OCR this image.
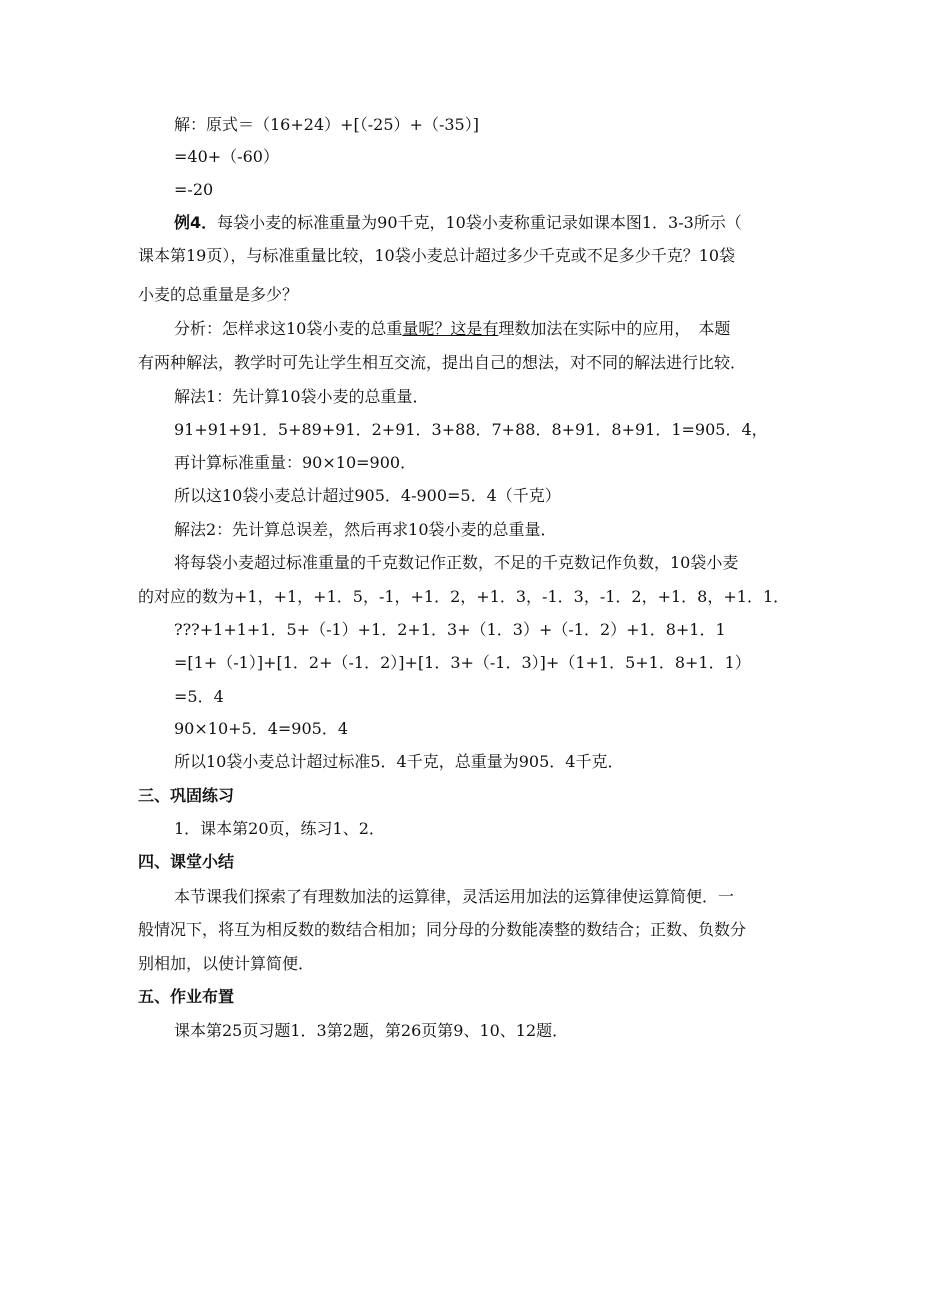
解：原式＝（16+24）+[（-25）+（-35）]
=40+（-60）
=-20
例4．每袋小麦的标准重量为90千克，10袋小麦称重记录如课本图1．3-3所示（
课本第19页），与标准重量比较，10袋小麦总计超过多少千克或不足多少千克？10袋
小麦的总重量是多少？
分析：怎样求这10袋小麦的总重量呢？这是有理数加法在实际中的应用，　本题
有两种解法，教学时可先让学生相互交流，提出自己的想法，对不同的解法进行比较．
解法1：先计算10袋小麦的总重量．
91+91+91．5+89+91．2+91．3+88．7+88．8+91．8+91．1=905．4，
再计算标准重量：90×10=900．
所以这10袋小麦总计超过905．4-900=5．4（千克）
解法2：先计算总误差，然后再求10袋小麦的总重量．
将每袋小麦超过标准重量的千克数记作正数，不足的千克数记作负数，10袋小麦
的对应的数为+1，+1，+1．5，-1，+1．2，+1．3，-1．3，-1．2，+1．8，+1．1．
???+1+1+1．5+（-1）+1．2+1．3+（1．3）+（-1．2）+1．8+1．1
=[1+（-1）]+[1．2+（-1．2）]+[1．3+（-1．3）]+（1+1．5+1．8+1．1）
=5．4
90×10+5．4=905．4
所以10袋小麦总计超过标准5．4千克，总重量为905．4千克．
三、巩固练习
1．课本第20页，练习1、2．
四、课堂小结
本节课我们探索了有理数加法的运算律，灵活运用加法的运算律使运算简便．一
般情况下，将互为相反数的数结合相加；同分母的分数能凑整的数结合；正数、负数分
别相加，以使计算简便．
五、作业布置
课本第25页习题1．3第2题，第26页第9、10、12题．
